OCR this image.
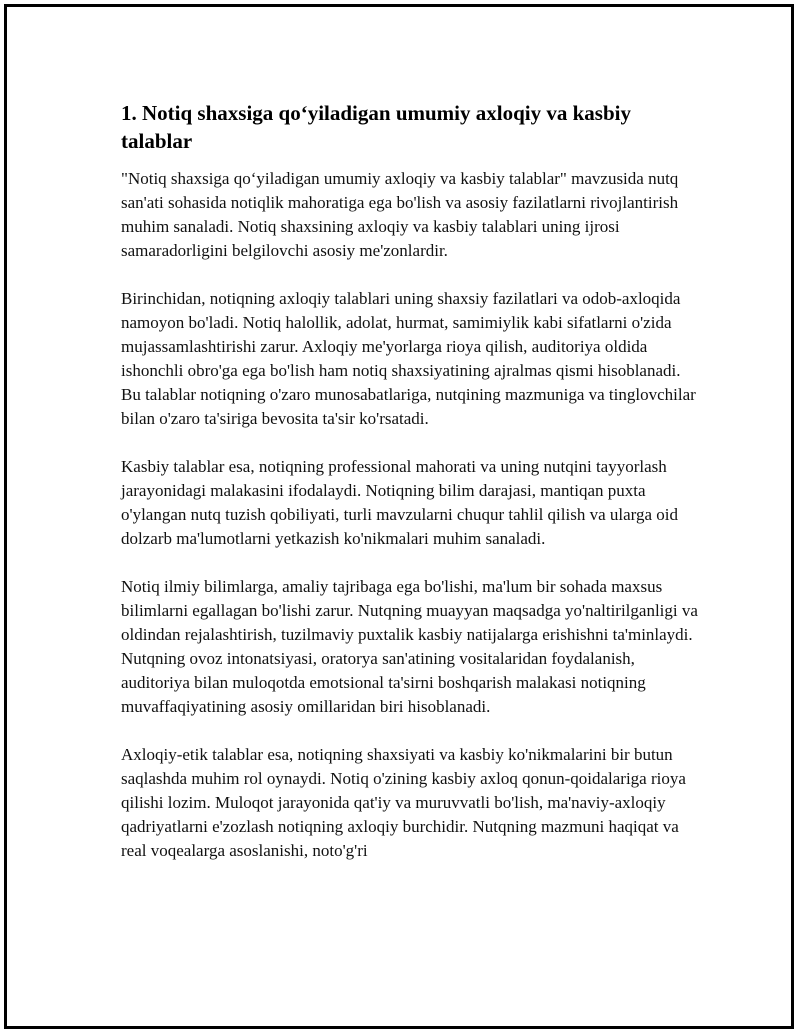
1. Notiq shaxsiga qo‘yiladigan umumiy axloqiy va kasbiy talablar

"Notiq shaxsiga qo‘yiladigan umumiy axloqiy va kasbiy talablar" mavzusida nutq san'ati sohasida notiqlik mahoratiga ega bo'lish va asosiy fazilatlarni rivojlantirish muhim sanaladi. Notiq shaxsining axloqiy va kasbiy talablari uning ijrosi samaradorligini belgilovchi asosiy me'zonlardir.

Birinchidan, notiqning axloqiy talablari uning shaxsiy fazilatlari va odob-axloqida namoyon bo'ladi. Notiq halollik, adolat, hurmat, samimiylik kabi sifatlarni o'zida mujassamlashtirishi zarur. Axloqiy me'yorlarga rioya qilish, auditoriya oldida ishonchli obro'ga ega bo'lish ham notiq shaxsiyatining ajralmas qismi hisoblanadi. Bu talablar notiqning o'zaro munosabatlariga, nutqining mazmuniga va tinglovchilar bilan o'zaro ta'siriga bevosita ta'sir ko'rsatadi.

Kasbiy talablar esa, notiqning professional mahorati va uning nutqini tayyorlash jarayonidagi malakasini ifodalaydi. Notiqning bilim darajasi, mantiqan puxta o'ylangan nutq tuzish qobiliyati, turli mavzularni chuqur tahlil qilish va ularga oid dolzarb ma'lumotlarni yetkazish ko'nikmalari muhim sanaladi.

Notiq ilmiy bilimlarga, amaliy tajribaga ega bo'lishi, ma'lum bir sohada maxsus bilimlarni egallagan bo'lishi zarur. Nutqning muayyan maqsadga yo'naltirilganligi va oldindan rejalashtirish, tuzilmaviy puxtalik kasbiy natijalarga erishishni ta'minlaydi. Nutqning ovoz intonatsiyasi, oratorya san'atining vositalaridan foydalanish, auditoriya bilan muloqotda emotsional ta'sirni boshqarish malakasi notiqning muvaffaqiyatining asosiy omillaridan biri hisoblanadi.

Axloqiy-etik talablar esa, notiqning shaxsiyati va kasbiy ko'nikmalarini bir butun saqlashda muhim rol oynaydi. Notiq o'zining kasbiy axloq qonun-qoidalariga rioya qilishi lozim. Muloqot jarayonida qat'iy va muruvvatli bo'lish, ma'naviy-axloqiy qadriyatlarni e'zozlash notiqning axloqiy burchidir. Nutqning mazmuni haqiqat va real voqealarga asoslanishi, noto'g'ri
